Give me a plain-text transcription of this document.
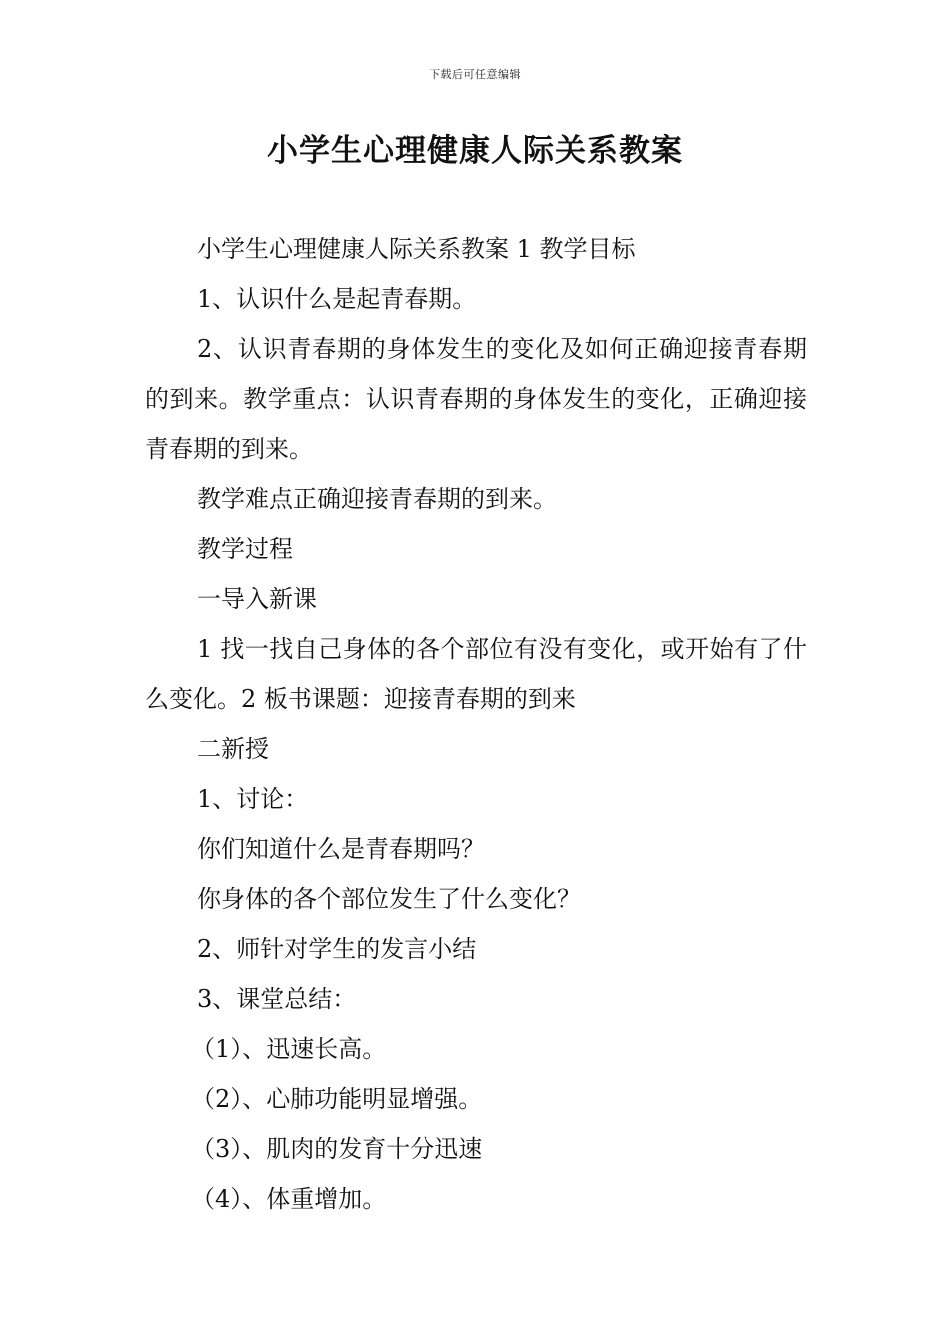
下载后可任意编辑
小学生心理健康人际关系教案

小学生心理健康人际关系教案 1 教学目标

1、认识什么是起青春期。

2、认识青春期的身体发生的变化及如何正确迎接青春期的到来。教学重点：认识青春期的身体发生的变化，正确迎接青春期的到来。

教学难点正确迎接青春期的到来。

教学过程

一导入新课

1 找一找自己身体的各个部位有没有变化，或开始有了什么变化。2 板书课题：迎接青春期的到来

二新授

1、讨论：

你们知道什么是青春期吗？

你身体的各个部位发生了什么变化？

2、师针对学生的发言小结

3、课堂总结：

（1）、迅速长高。

（2）、心肺功能明显增强。

（3）、肌肉的发育十分迅速

（4）、体重增加。
